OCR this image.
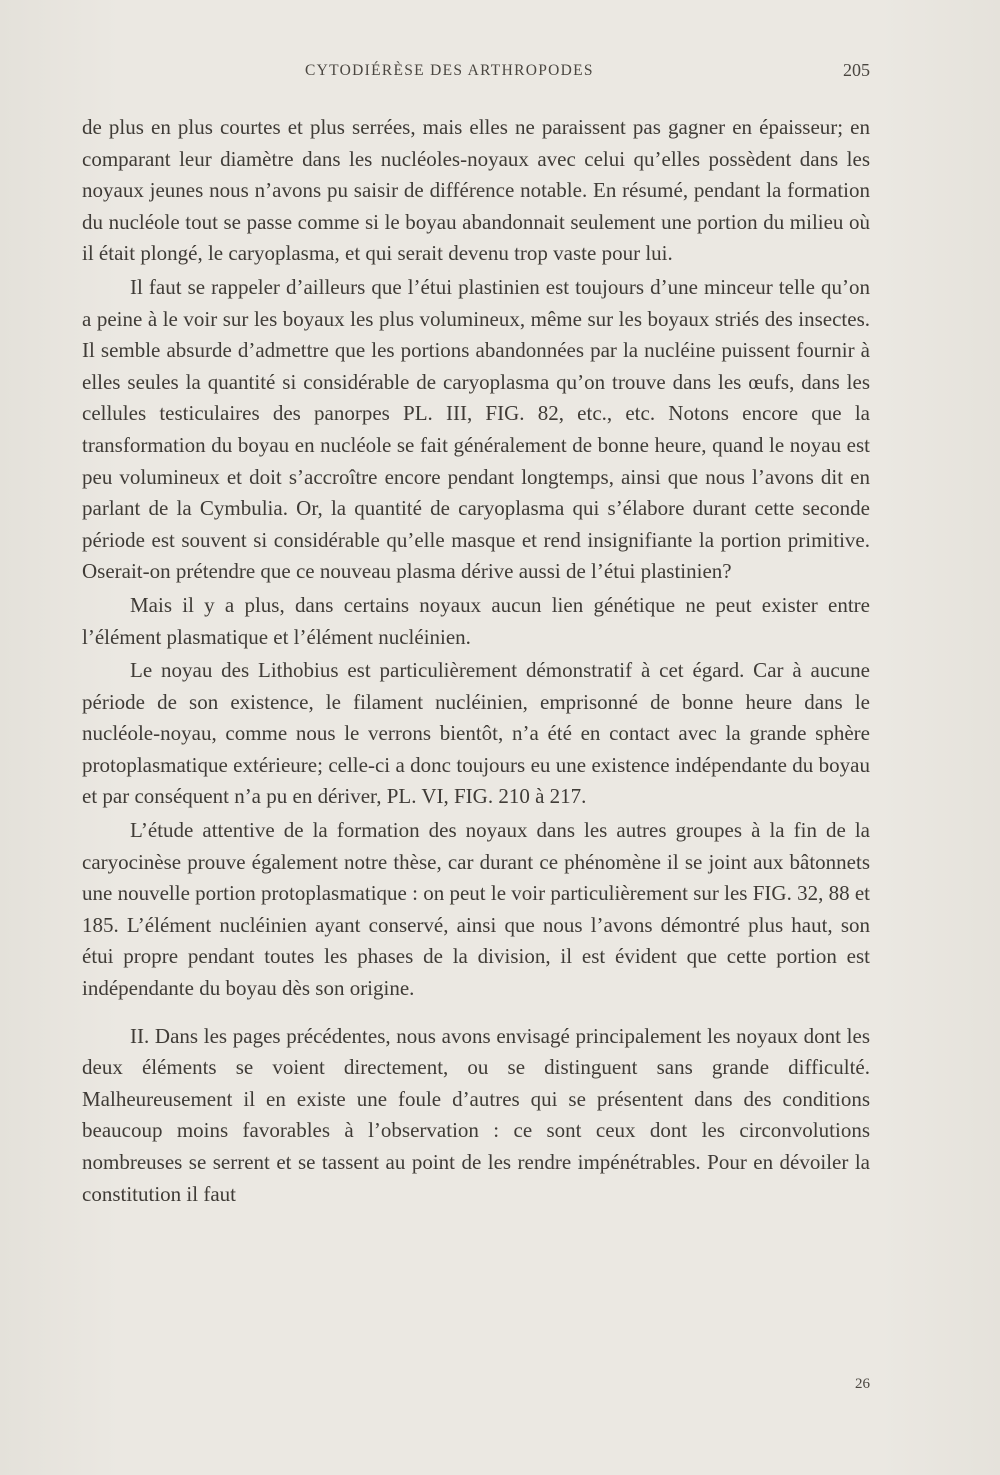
CYTODIÉRÈSE DES ARTHROPODES	205

de plus en plus courtes et plus serrées, mais elles ne paraissent pas gagner en épaisseur; en comparant leur diamètre dans les nucléoles-noyaux avec celui qu’elles possèdent dans les noyaux jeunes nous n’avons pu saisir de différence notable. En résumé, pendant la formation du nucléole tout se passe comme si le boyau abandonnait seulement une portion du milieu où il était plongé, le caryoplasma, et qui serait devenu trop vaste pour lui.

Il faut se rappeler d’ailleurs que l’étui plastinien est toujours d’une minceur telle qu’on a peine à le voir sur les boyaux les plus volumineux, même sur les boyaux striés des insectes. Il semble absurde d’admettre que les portions abandonnées par la nucléine puissent fournir à elles seules la quantité si considérable de caryoplasma qu’on trouve dans les œufs, dans les cellules testiculaires des panorpes PL. III, FIG. 82, etc., etc. Notons encore que la transformation du boyau en nucléole se fait généralement de bonne heure, quand le noyau est peu volumineux et doit s’accroître encore pendant longtemps, ainsi que nous l’avons dit en parlant de la Cymbulia. Or, la quantité de caryoplasma qui s’élabore durant cette seconde période est souvent si considérable qu’elle masque et rend insignifiante la portion primitive. Oserait-on prétendre que ce nouveau plasma dérive aussi de l’étui plastinien?

Mais il y a plus, dans certains noyaux aucun lien génétique ne peut exister entre l’élément plasmatique et l’élément nucléinien.

Le noyau des Lithobius est particulièrement démonstratif à cet égard. Car à aucune période de son existence, le filament nucléinien, emprisonné de bonne heure dans le nucléole-noyau, comme nous le verrons bientôt, n’a été en contact avec la grande sphère protoplasmatique extérieure; celle-ci a donc toujours eu une existence indépendante du boyau et par conséquent n’a pu en dériver, PL. VI, FIG. 210 à 217.

L’étude attentive de la formation des noyaux dans les autres groupes à la fin de la caryocinèse prouve également notre thèse, car durant ce phénomène il se joint aux bâtonnets une nouvelle portion protoplasmatique : on peut le voir particulièrement sur les FIG. 32, 88 et 185. L’élément nucléinien ayant conservé, ainsi que nous l’avons démontré plus haut, son étui propre pendant toutes les phases de la division, il est évident que cette portion est indépendante du boyau dès son origine.

II. Dans les pages précédentes, nous avons envisagé principalement les noyaux dont les deux éléments se voient directement, ou se distinguent sans grande difficulté. Malheureusement il en existe une foule d’autres qui se présentent dans des conditions beaucoup moins favorables à l’observation : ce sont ceux dont les circonvolutions nombreuses se serrent et se tassent au point de les rendre impénétrables. Pour en dévoiler la constitution il faut

26
